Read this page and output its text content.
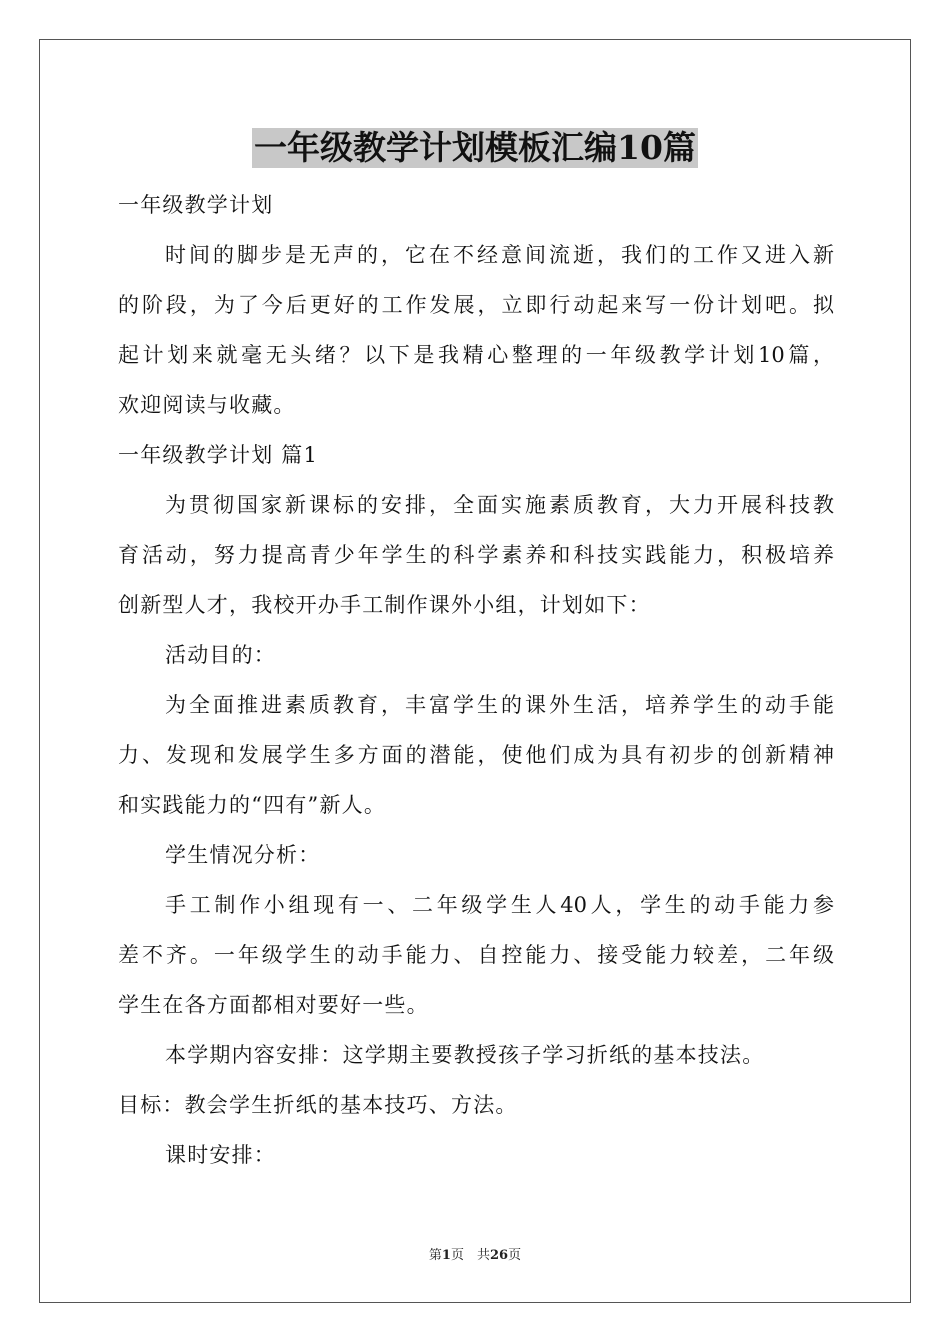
一年级教学计划模板汇编10篇
一年级教学计划
时间的脚步是无声的，它在不经意间流逝，我们的工作又进入新
的阶段，为了今后更好的工作发展，立即行动起来写一份计划吧。拟
起计划来就毫无头绪？以下是我精心整理的一年级教学计划10篇，
欢迎阅读与收藏。
一年级教学计划 篇1
为贯彻国家新课标的安排，全面实施素质教育，大力开展科技教
育活动，努力提高青少年学生的科学素养和科技实践能力，积极培养
创新型人才，我校开办手工制作课外小组，计划如下：
活动目的：
为全面推进素质教育，丰富学生的课外生活，培养学生的动手能
力、发现和发展学生多方面的潜能，使他们成为具有初步的创新精神
和实践能力的“四有”新人。
学生情况分析：
手工制作小组现有一、二年级学生人40人，学生的动手能力参
差不齐。一年级学生的动手能力、自控能力、接受能力较差，二年级
学生在各方面都相对要好一些。
本学期内容安排：这学期主要教授孩子学习折纸的基本技法。
目标：教会学生折纸的基本技巧、方法。
课时安排：
第1页　共26页
